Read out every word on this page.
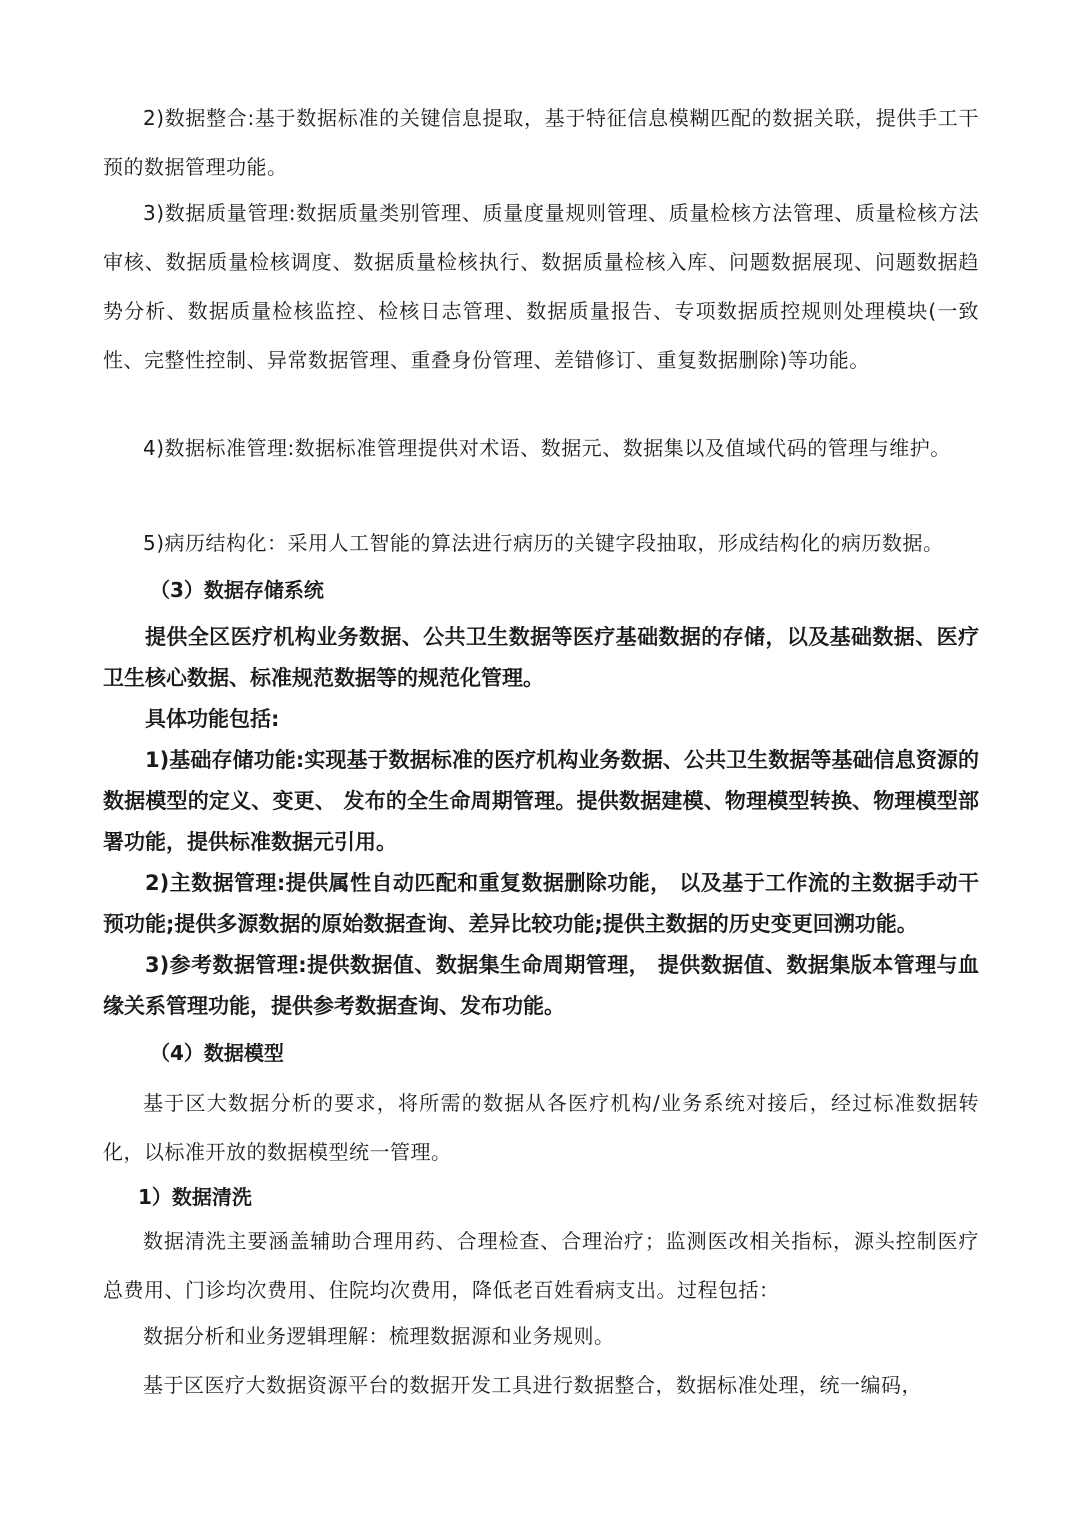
2)数据整合:基于数据标准的关键信息提取，基于特征信息模糊匹配的数据关联，提供手工干预的数据管理功能。

3)数据质量管理:数据质量类别管理、质量度量规则管理、质量检核方法管理、质量检核方法审核、数据质量检核调度、数据质量检核执行、数据质量检核入库、问题数据展现、问题数据趋势分析、数据质量检核监控、检核日志管理、数据质量报告、专项数据质控规则处理模块(一致性、完整性控制、异常数据管理、重叠身份管理、差错修订、重复数据删除)等功能。

4)数据标准管理:数据标准管理提供对术语、数据元、数据集以及值域代码的管理与维护。

5)病历结构化：采用人工智能的算法进行病历的关键字段抽取，形成结构化的病历数据。

（3）数据存储系统

提供全区医疗机构业务数据、公共卫生数据等医疗基础数据的存储，以及基础数据、医疗卫生核心数据、标准规范数据等的规范化管理。

具体功能包括:

1)基础存储功能:实现基于数据标准的医疗机构业务数据、公共卫生数据等基础信息资源的数据模型的定义、变更、 发布的全生命周期管理。提供数据建模、物理模型转换、物理模型部署功能，提供标准数据元引用。

2)主数据管理:提供属性自动匹配和重复数据删除功能， 以及基于工作流的主数据手动干预功能;提供多源数据的原始数据查询、差异比较功能;提供主数据的历史变更回溯功能。

3)参考数据管理:提供数据值、数据集生命周期管理， 提供数据值、数据集版本管理与血缘关系管理功能，提供参考数据查询、发布功能。

（4）数据模型

基于区大数据分析的要求，将所需的数据从各医疗机构/业务系统对接后，经过标准数据转化，以标准开放的数据模型统一管理。

1）数据清洗

数据清洗主要涵盖辅助合理用药、合理检查、合理治疗；监测医改相关指标，源头控制医疗总费用、门诊均次费用、住院均次费用，降低老百姓看病支出。过程包括：

数据分析和业务逻辑理解：梳理数据源和业务规则。

基于区医疗大数据资源平台的数据开发工具进行数据整合，数据标准处理，统一编码，
